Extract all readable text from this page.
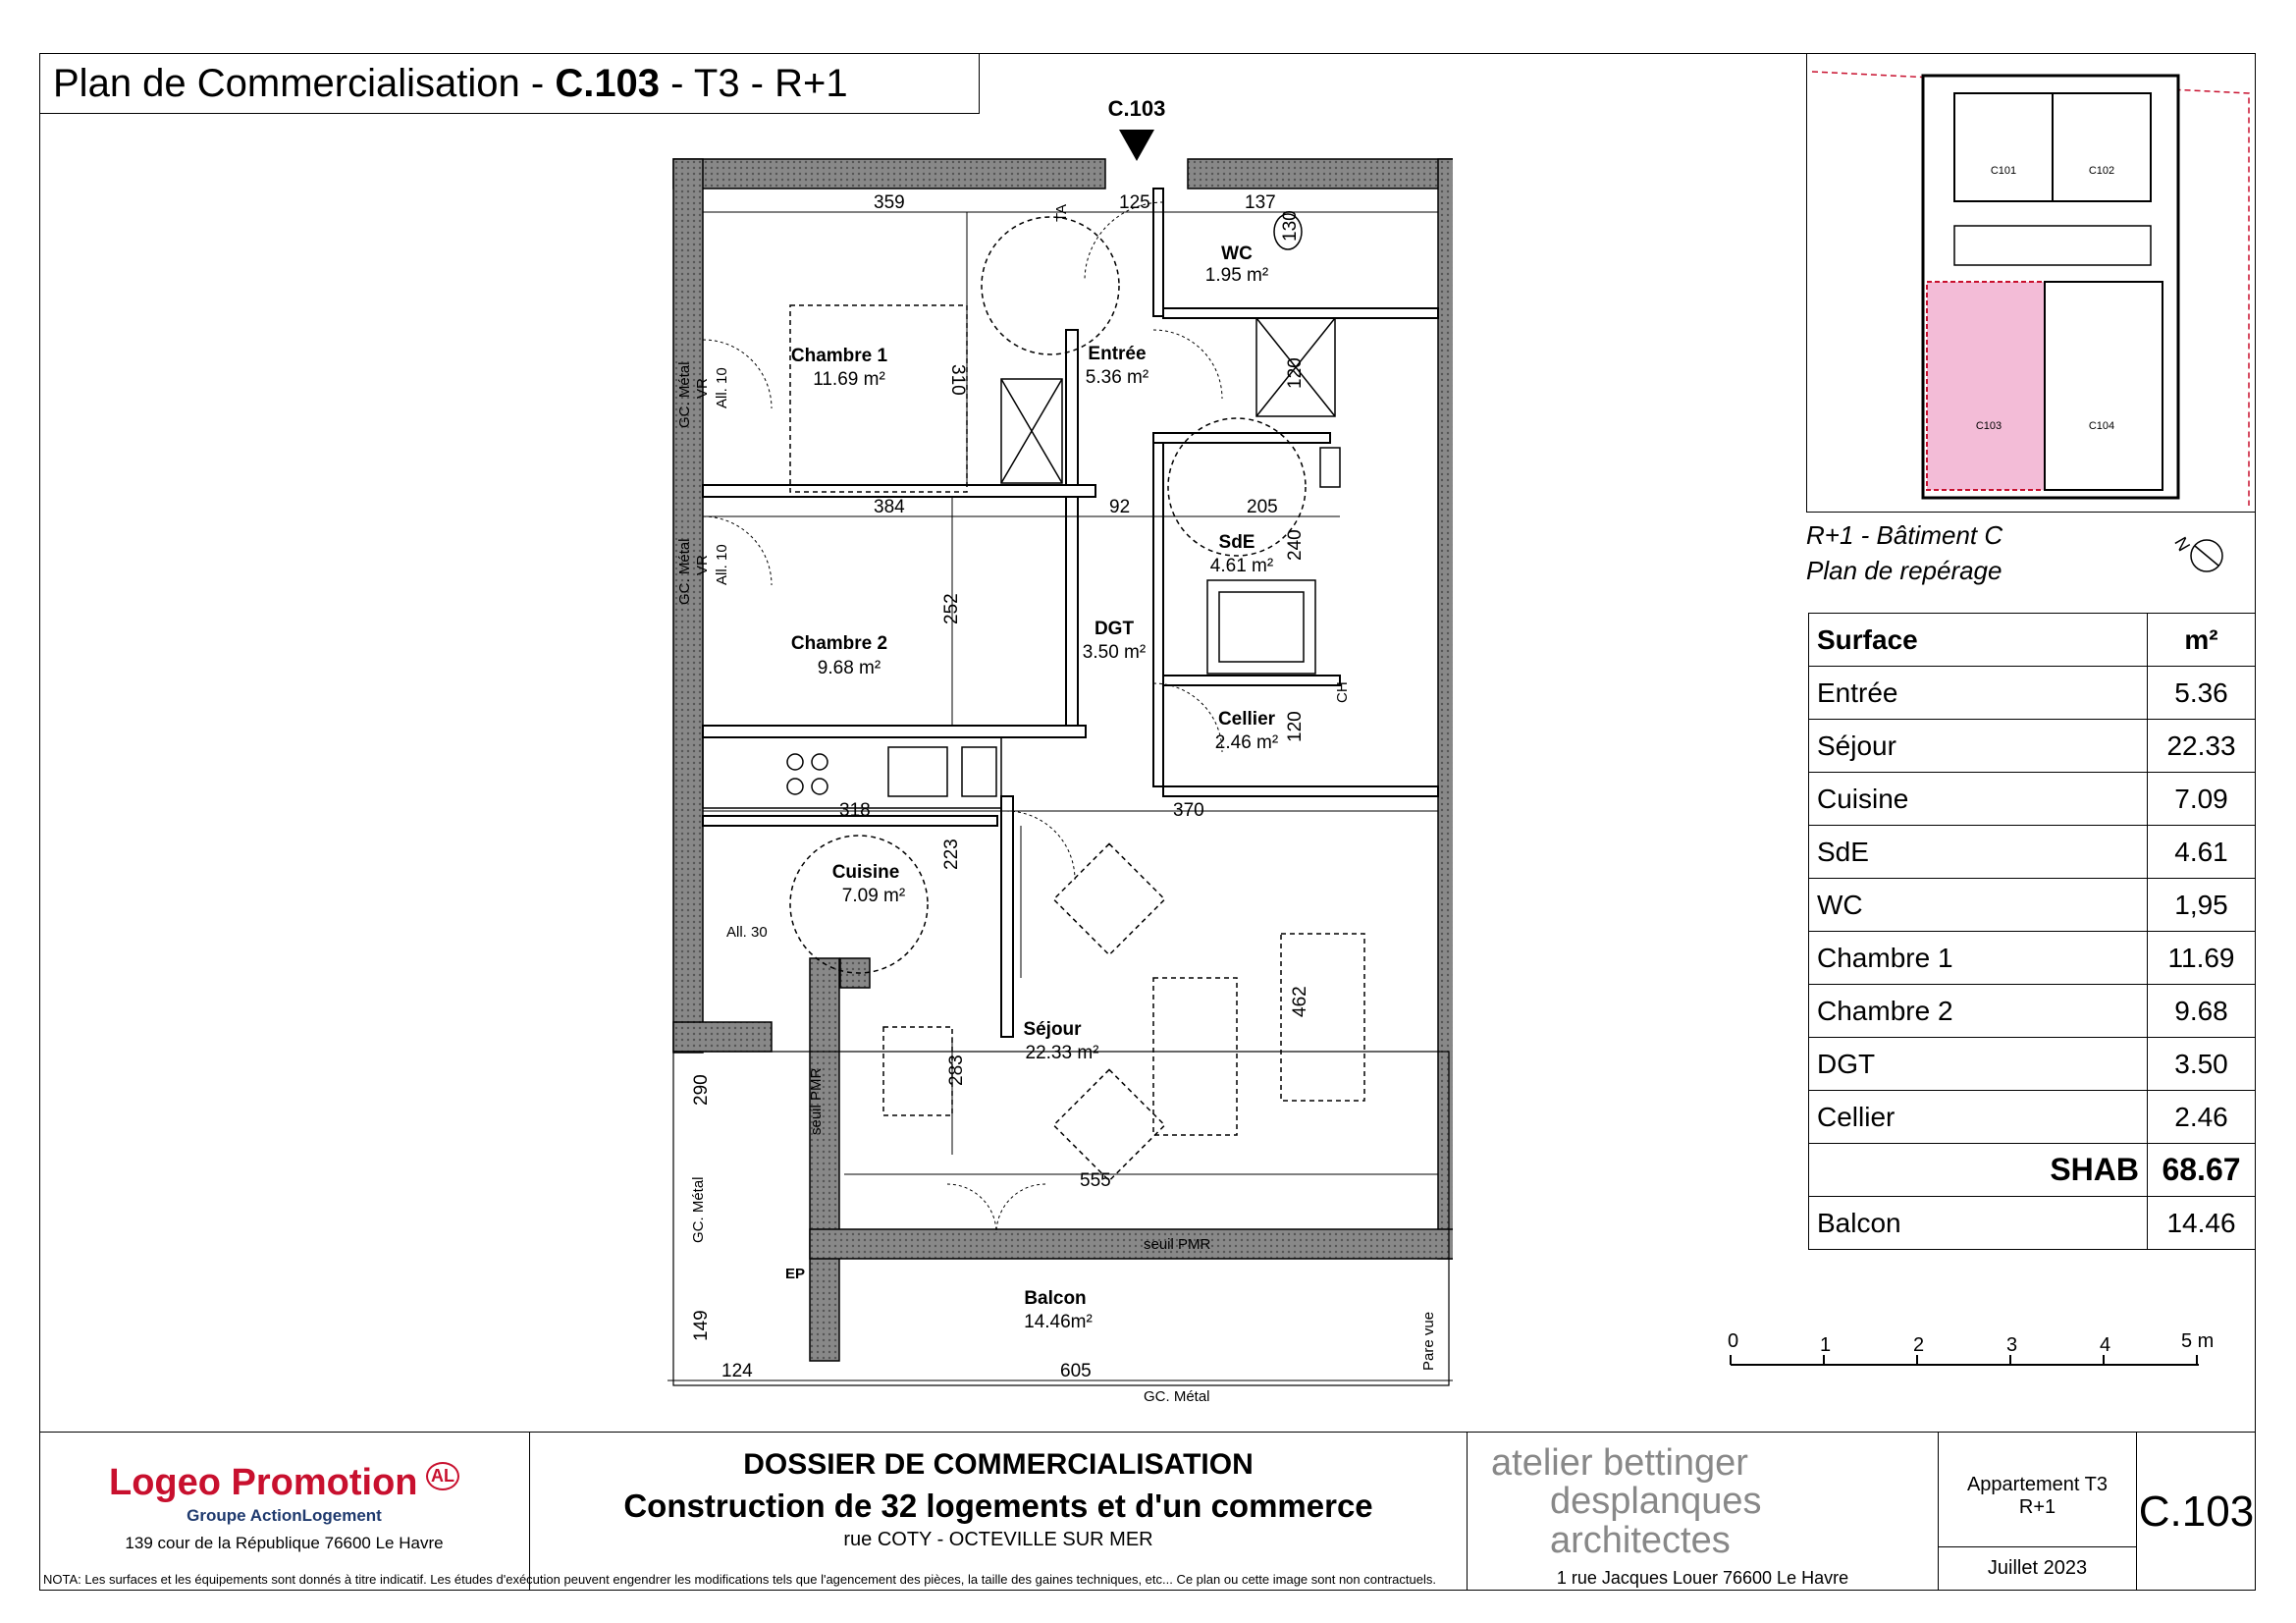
Plan de Commercialisation - C.103 - T3 - R+1
C.103
359	125	137
310
130
120
384	92	205
240
252
120
318	370
223
462
283
555
290
149
124	605
GC. Métal VR All. 10
GC. Métal VR All. 10
All. 30
TA
CH
seuil PMR
seuil PMR
EP
GC. Métal
Pare vue
GC. Métal
Chambre 1
11.69 m²
Entrée
5.36 m²
WC
1.95 m²
Chambre 2
9.68 m²
DGT
3.50 m²
SdE
4.61 m²
Cellier
2.46 m²
Cuisine
7.09 m²
Séjour
22.33 m²
Balcon
14.46m²
C101	C102
C103	C104
R+1 - Bâtiment C
Plan de repérage
N
Surface	m²
Entrée	5.36
Séjour	22.33
Cuisine	7.09
SdE	4.61
WC	1,95
Chambre 1	11.69
Chambre 2	9.68
DGT	3.50
Cellier	2.46
SHAB	68.67
Balcon	14.46
0	1	2	3	4	5 m
Logeo Promotion AL
Groupe ActionLogement
139 cour de la République 76600 Le Havre
DOSSIER DE COMMERCIALISATION
Construction de 32 logements et d'un commerce
rue COTY - OCTEVILLE SUR MER
atelier bettinger
desplanques architectes
1 rue Jacques Louer 76600 Le Havre
Appartement T3
R+1
Juillet 2023
C.103
NOTA: Les surfaces et les équipements sont donnés à titre indicatif. Les études d'exécution peuvent engendrer les modifications tels que l'agencement des pièces, la taille des gaines techniques, etc... Ce plan ou cette image sont non contractuels.
